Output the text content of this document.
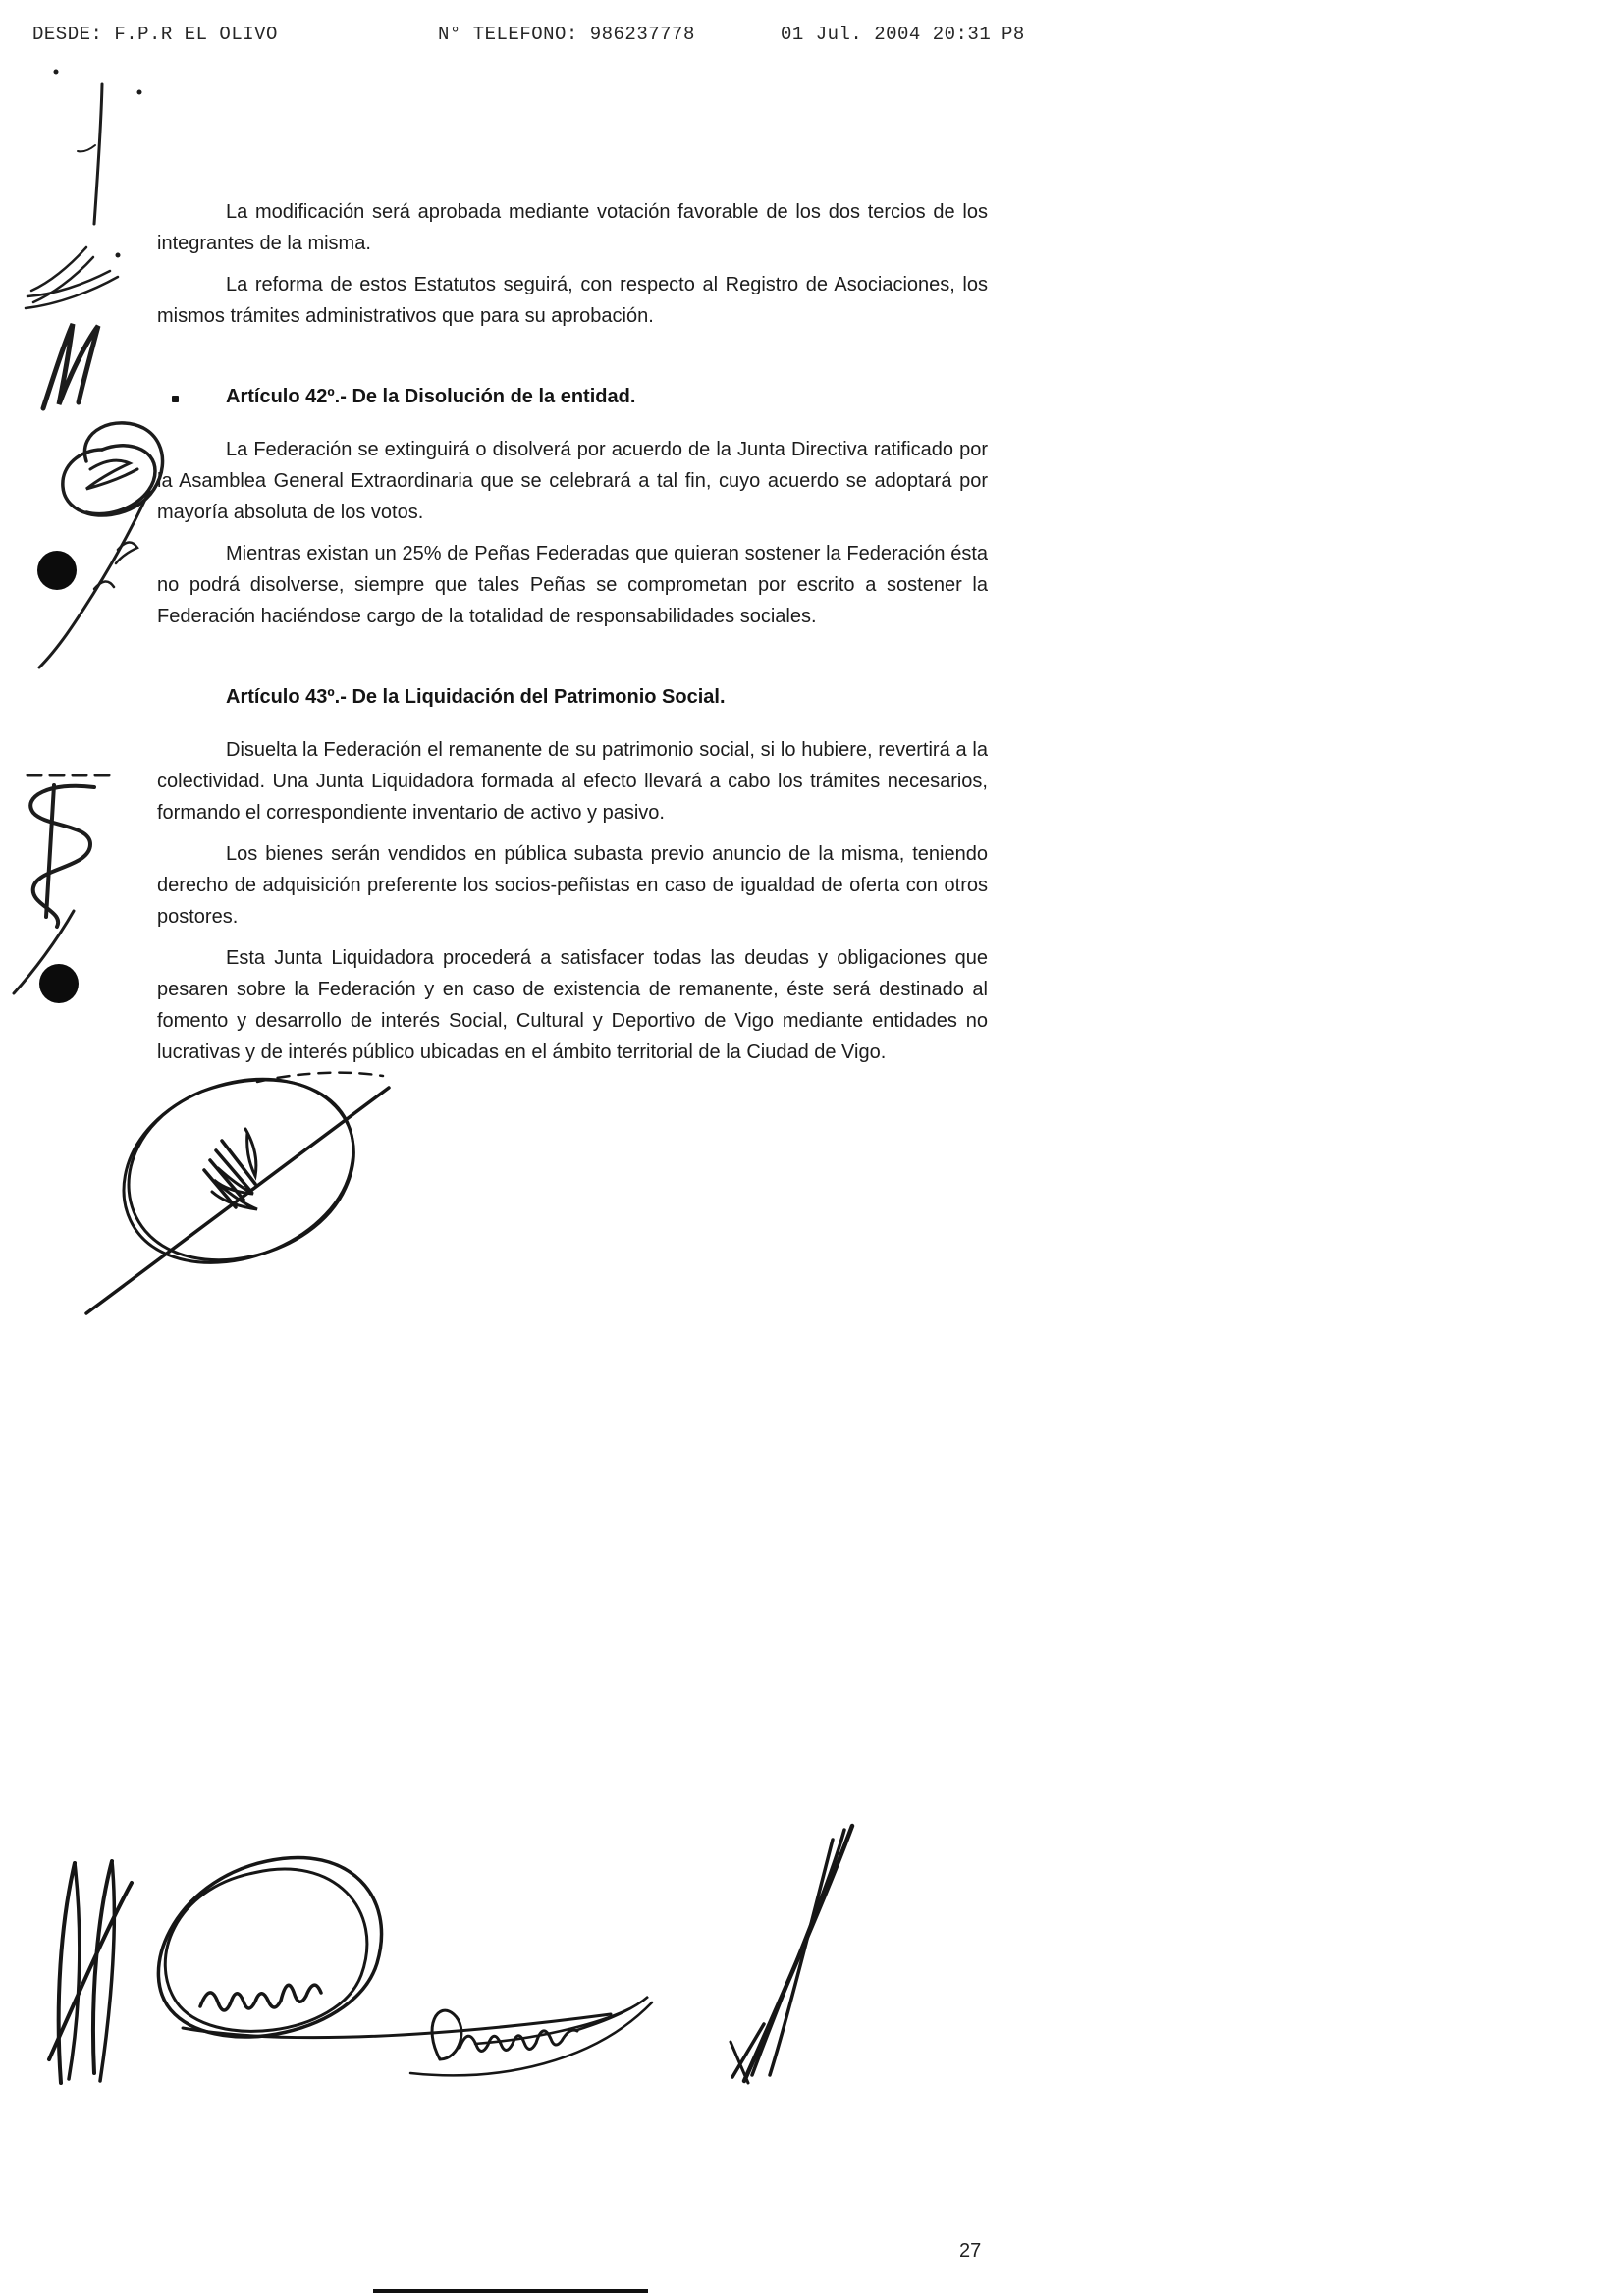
DESDE: F.P.R EL OLIVO	N° TELEFONO: 986237778	01 Jul. 2004 20:31 P8

La modificación será aprobada mediante votación favorable de los dos tercios de los integrantes de la misma.

La reforma de estos Estatutos seguirá, con respecto al Registro de Asociaciones, los mismos trámites administrativos que para su aprobación.

Artículo 42º.- De la Disolución de la entidad.

La Federación se extinguirá o disolverá por acuerdo de la Junta Directiva ratificado por la Asamblea General Extraordinaria que se celebrará a tal fin, cuyo acuerdo se adoptará por mayoría absoluta de los votos.

Mientras existan un 25% de Peñas Federadas que quieran sostener la Federación ésta no podrá disolverse, siempre que tales Peñas se comprometan por escrito a sostener la Federación haciéndose cargo de la totalidad de responsabilidades sociales.

Artículo 43º.- De la Liquidación del Patrimonio Social.

Disuelta la Federación el remanente de su patrimonio social, si lo hubiere, revertirá a la colectividad. Una Junta Liquidadora formada al efecto llevará a cabo los trámites necesarios, formando el correspondiente inventario de activo y pasivo.

Los bienes serán vendidos en pública subasta previo anuncio de la misma, teniendo derecho de adquisición preferente los socios-peñistas en caso de igualdad de oferta con otros postores.

Esta Junta Liquidadora procederá a satisfacer todas las deudas y obligaciones que pesaren sobre la Federación y en caso de existencia de remanente, éste será destinado al fomento y desarrollo de interés Social, Cultural y Deportivo de Vigo mediante entidades no lucrativas y de interés público ubicadas en el ámbito territorial de la Ciudad de Vigo.

27
